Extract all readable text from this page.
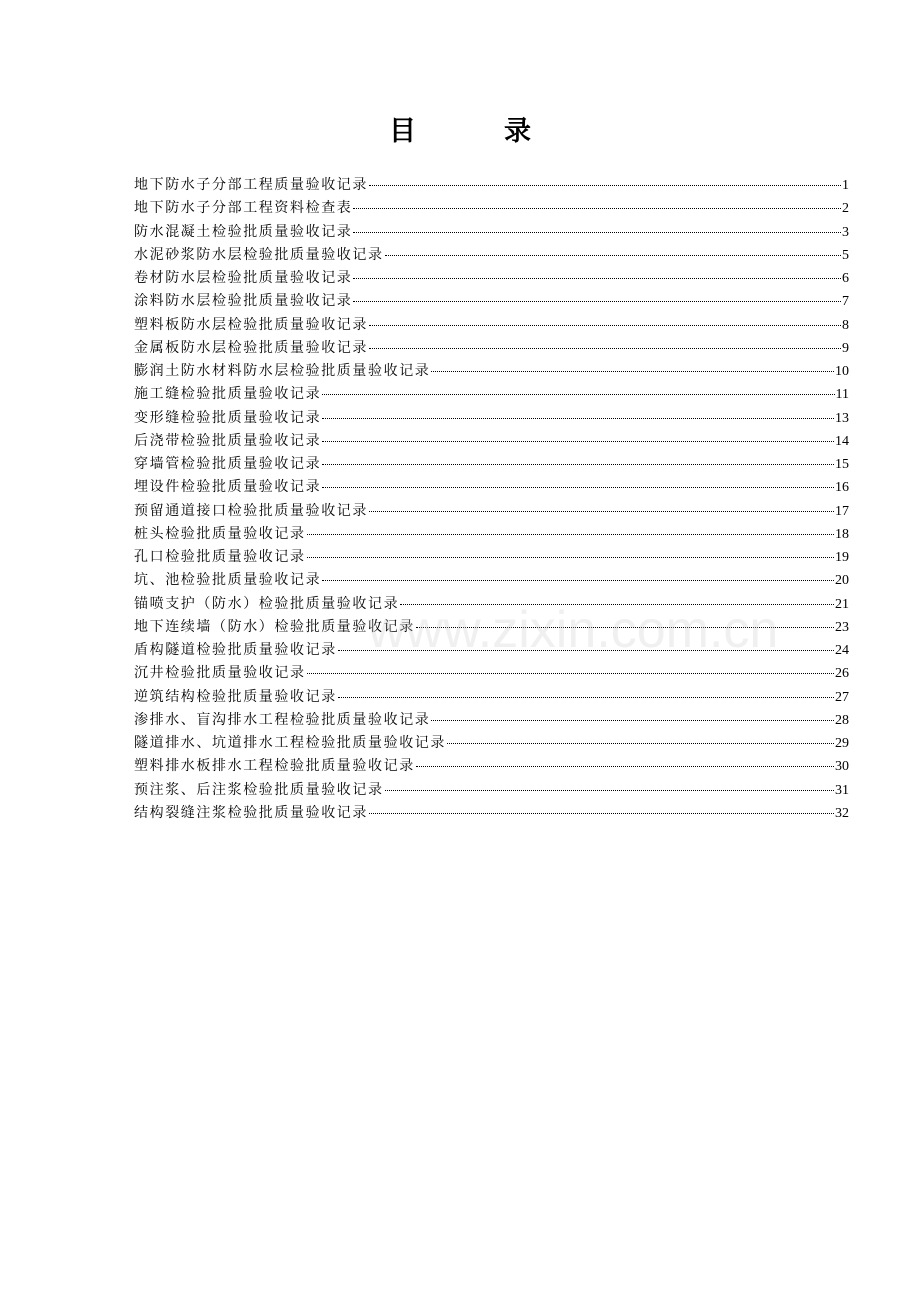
目	录
地下防水子分部工程质量验收记录	1
地下防水子分部工程资料检查表	2
防水混凝土检验批质量验收记录	3
水泥砂浆防水层检验批质量验收记录	5
卷材防水层检验批质量验收记录	6
涂料防水层检验批质量验收记录	7
塑料板防水层检验批质量验收记录	8
金属板防水层检验批质量验收记录	9
膨润土防水材料防水层检验批质量验收记录	10
施工缝检验批质量验收记录	11
变形缝检验批质量验收记录	13
后浇带检验批质量验收记录	14
穿墙管检验批质量验收记录	15
埋设件检验批质量验收记录	16
预留通道接口检验批质量验收记录	17
桩头检验批质量验收记录	18
孔口检验批质量验收记录	19
坑、池检验批质量验收记录	20
锚喷支护（防水）检验批质量验收记录	21
地下连续墙（防水）检验批质量验收记录	23
盾构隧道检验批质量验收记录	24
沉井检验批质量验收记录	26
逆筑结构检验批质量验收记录	27
渗排水、盲沟排水工程检验批质量验收记录	28
隧道排水、坑道排水工程检验批质量验收记录	29
塑料排水板排水工程检验批质量验收记录	30
预注浆、后注浆检验批质量验收记录	31
结构裂缝注浆检验批质量验收记录	32
www.zixin.com.cn
